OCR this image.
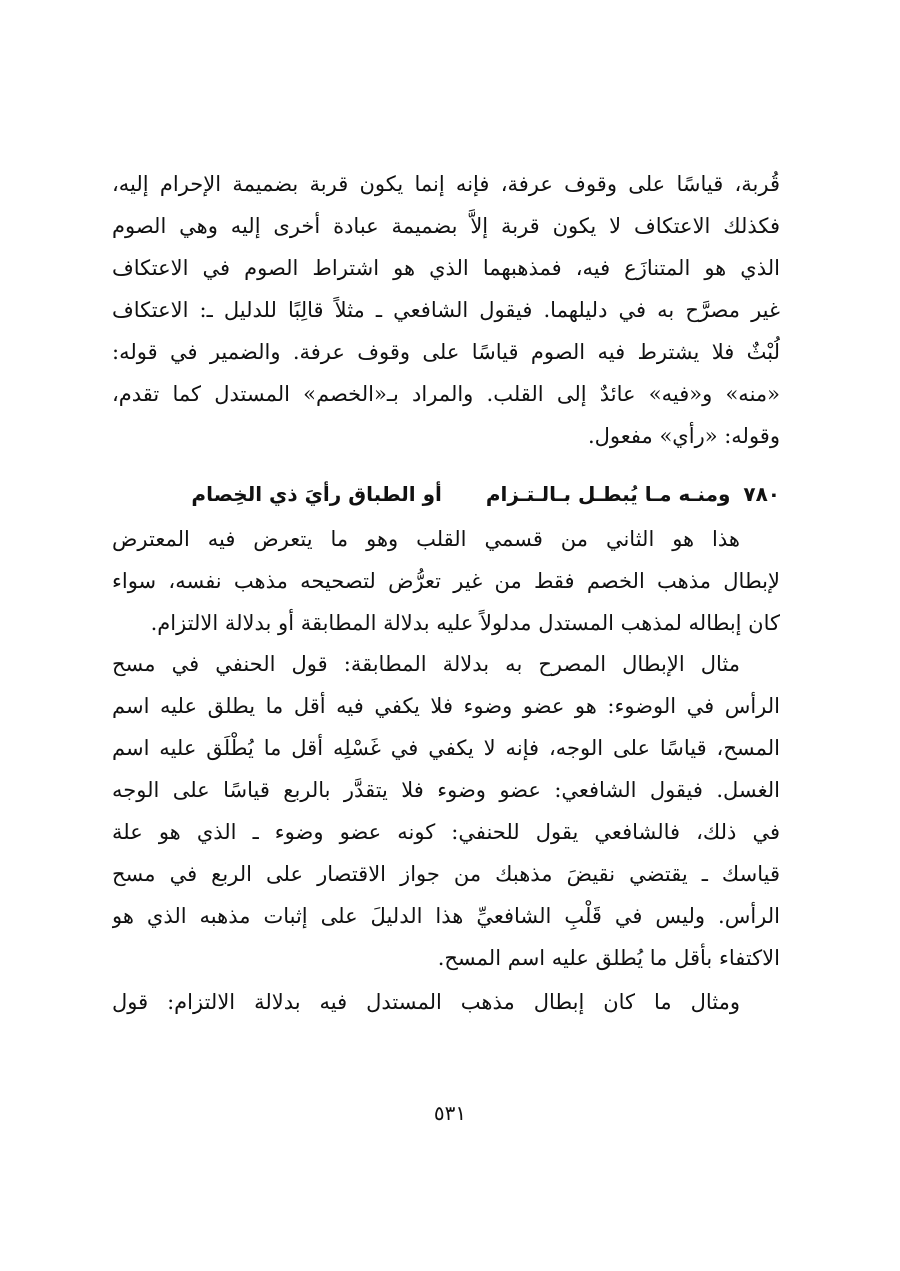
قُربة، قياسًا على وقوف عرفة، فإنه إنما يكون قربة بضميمة الإحرام إليه،
فكذلك الاعتكاف لا يكون قربة إلاَّ بضميمة عبادة أخرى إليه وهي الصوم
الذي هو المتنازَع فيه، فمذهبهما الذي هو اشتراط الصوم في الاعتكاف
غير مصرَّح به في دليلهما. فيقول الشافعي ـ مثلاً قالِبًا للدليل ـ: الاعتكاف
لُبْثٌ فلا يشترط فيه الصوم قياسًا على وقوف عرفة. والضمير في قوله:
«منه» و«فيه» عائدٌ إلى القلب. والمراد بـ«الخصم» المستدل كما تقدم،
وقوله: «رأي» مفعول.
٧٨٠ ومنـه مـا يُبطـل بـالـتـزام  أو الطباق رأيَ ذي الخِصام
هذا هو الثاني من قسمي القلب وهو ما يتعرض فيه المعترض
لإبطال مذهب الخصم فقط من غير تعرُّض لتصحيحه مذهب نفسه، سواء
كان إبطاله لمذهب المستدل مدلولاً عليه بدلالة المطابقة أو بدلالة الالتزام.
مثال الإبطال المصرح به بدلالة المطابقة: قول الحنفي في مسح
الرأس في الوضوء: هو عضو وضوء فلا يكفي فيه أقل ما يطلق عليه اسم
المسح، قياسًا على الوجه، فإنه لا يكفي في غَسْلِه أقل ما يُطْلَق عليه اسم
الغسل. فيقول الشافعي: عضو وضوء فلا يتقدَّر بالربع قياسًا على الوجه
في ذلك، فالشافعي يقول للحنفي: كونه عضو وضوء ـ الذي هو علة
قياسك ـ يقتضي نقيضَ مذهبك من جواز الاقتصار على الربع في مسح
الرأس. وليس في قَلْبِ الشافعيِّ هذا الدليلَ على إثبات مذهبه الذي هو
الاكتفاء بأقل ما يُطلق عليه اسم المسح.
ومثال ما كان إبطال مذهب المستدل فيه بدلالة الالتزام: قول
٥٣١
